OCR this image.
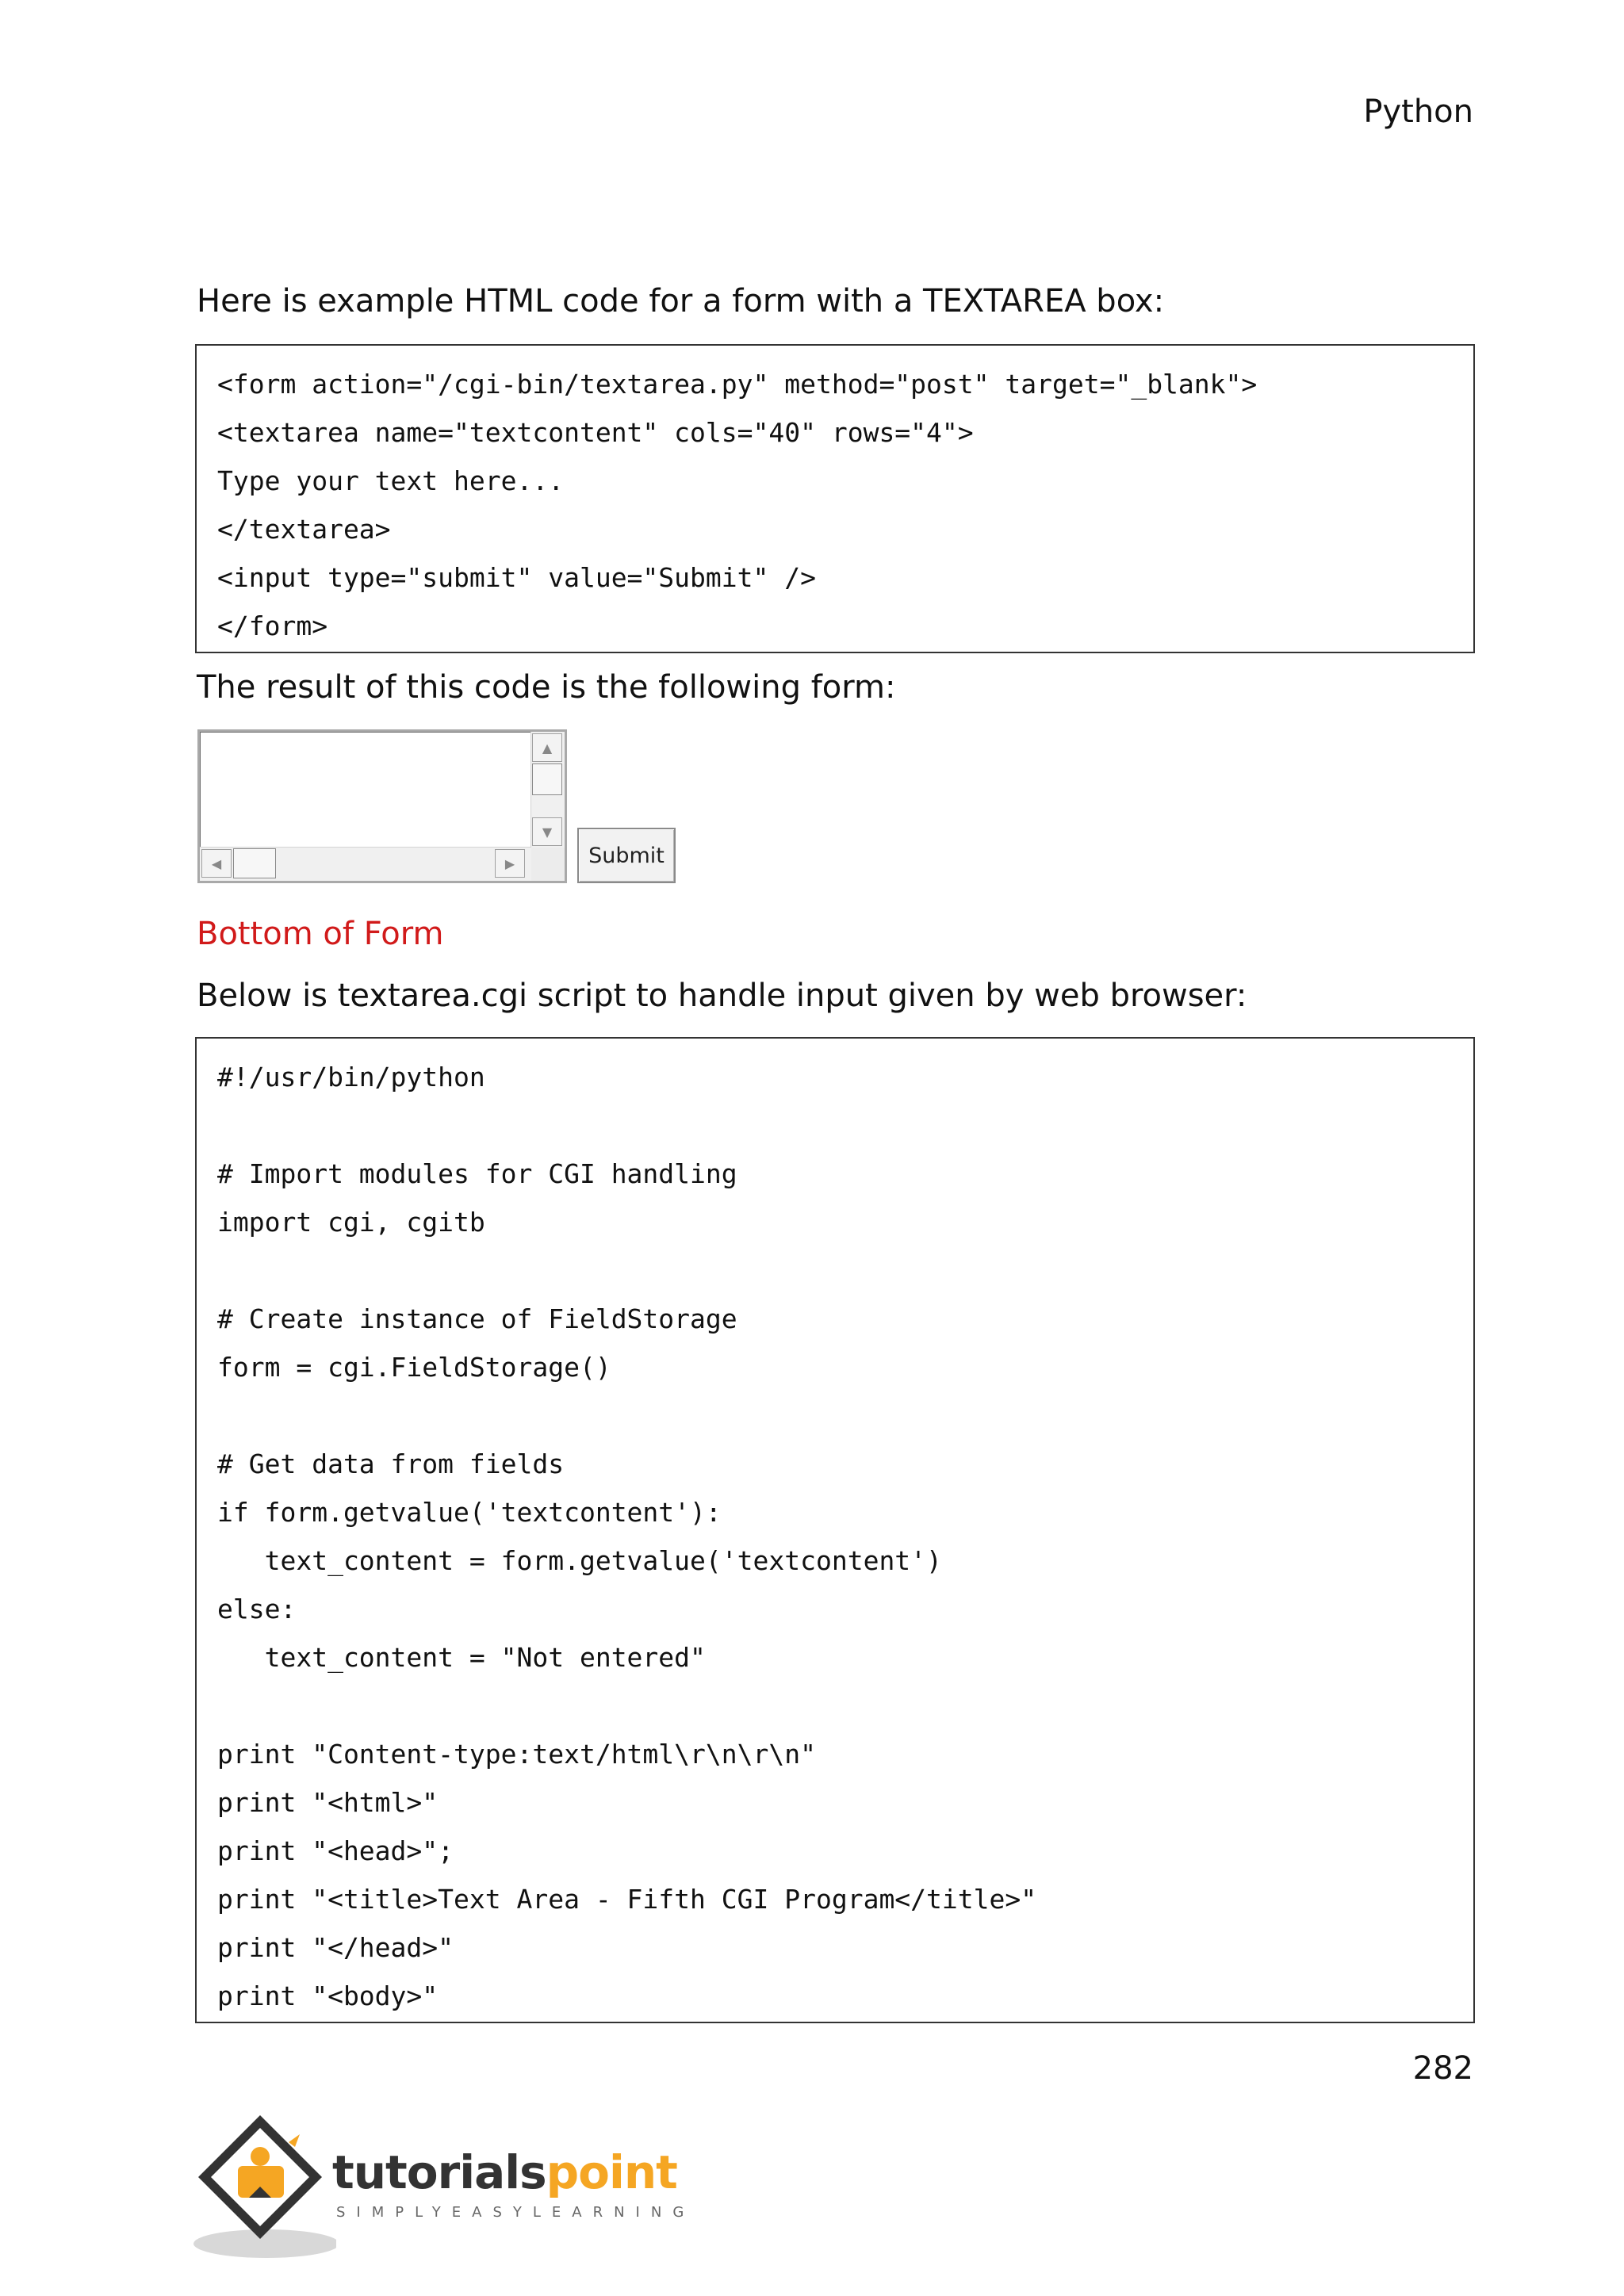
Python
Here is example HTML code for a form with a TEXTAREA box:
<form action="/cgi-bin/textarea.py" method="post" target="_blank">
<textarea name="textcontent" cols="40" rows="4">
Type your text here...
</textarea>
<input type="submit" value="Submit" />
</form>
The result of this code is the following form:
▲
▼
◀	▶	Submit
Bottom of Form
Below is textarea.cgi script to handle input given by web browser:
#!/usr/bin/python
# Import modules for CGI handling
import cgi, cgitb
# Create instance of FieldStorage
form = cgi.FieldStorage()
# Get data from fields
if form.getvalue('textcontent'):
text_content = form.getvalue('textcontent')
else:
text_content = "Not entered"
print "Content-type:text/html\r\n\r\n"
print "<html>"
print "<head>";
print "<title>Text Area - Fifth CGI Program</title>"
print "</head>"
print "<body>"
282
tutorialspoint
SIMPLYEASYLEARNING
